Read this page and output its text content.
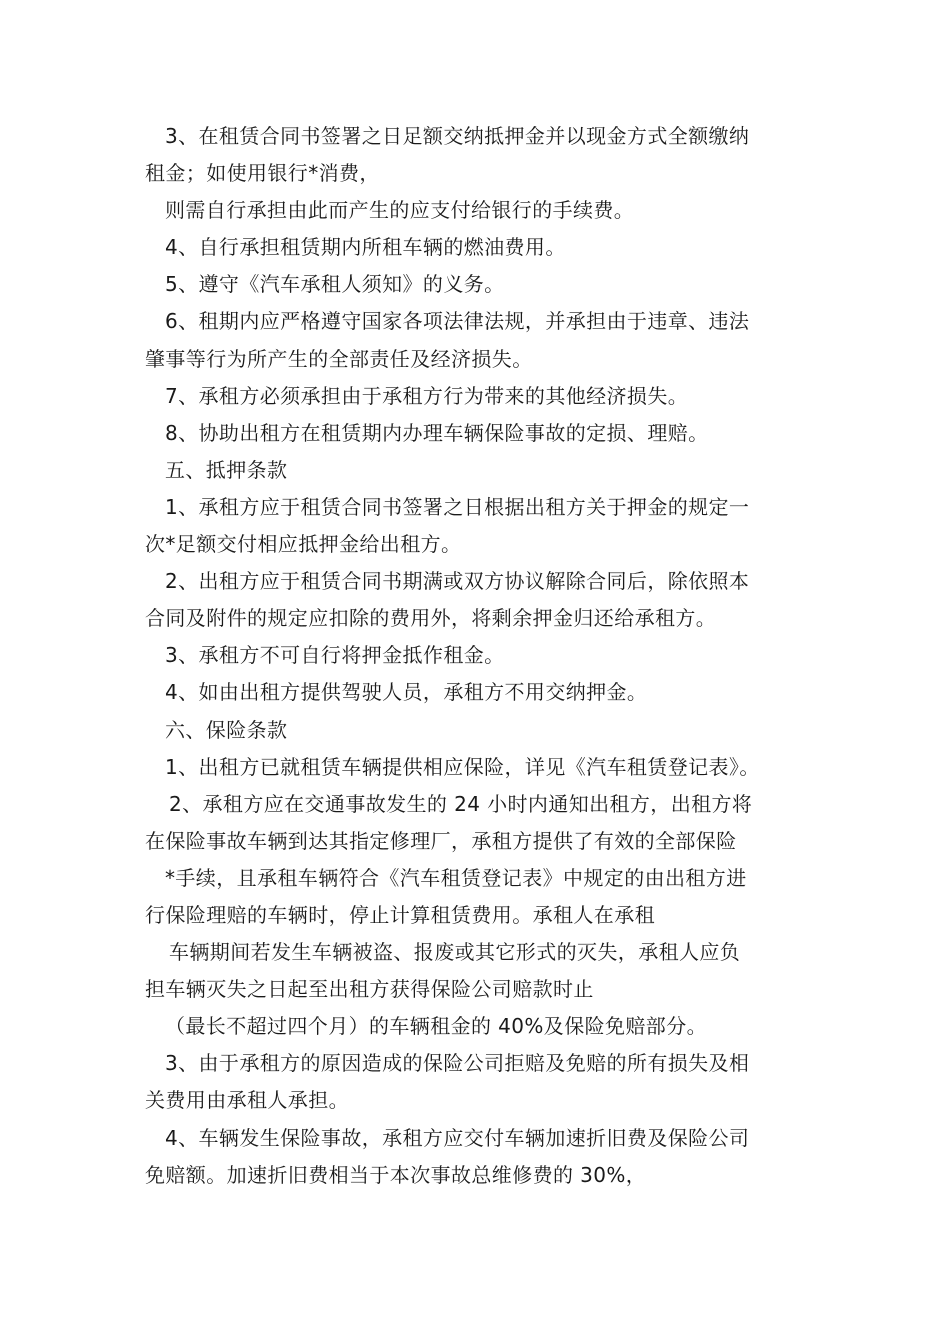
3、在租赁合同书签署之日足额交纳抵押金并以现金方式全额缴纳
租金；如使用银行*消费，
则需自行承担由此而产生的应支付给银行的手续费。
4、自行承担租赁期内所租车辆的燃油费用。
5、遵守《汽车承租人须知》的义务。
6、租期内应严格遵守国家各项法律法规，并承担由于违章、违法
肇事等行为所产生的全部责任及经济损失。
7、承租方必须承担由于承租方行为带来的其他经济损失。
8、协助出租方在租赁期内办理车辆保险事故的定损、理赔。
五、抵押条款
1、承租方应于租赁合同书签署之日根据出租方关于押金的规定一
次*足额交付相应抵押金给出租方。
2、出租方应于租赁合同书期满或双方协议解除合同后，除依照本
合同及附件的规定应扣除的费用外，将剩余押金归还给承租方。
3、承租方不可自行将押金抵作租金。
4、如由出租方提供驾驶人员，承租方不用交纳押金。
六、保险条款
1、出租方已就租赁车辆提供相应保险，详见《汽车租赁登记表》。
2、承租方应在交通事故发生的 24 小时内通知出租方，出租方将
在保险事故车辆到达其指定修理厂，承租方提供了有效的全部保险
*手续，且承租车辆符合《汽车租赁登记表》中规定的由出租方进
行保险理赔的车辆时，停止计算租赁费用。承租人在承租
车辆期间若发生车辆被盗、报废或其它形式的灭失，承租人应负
担车辆灭失之日起至出租方获得保险公司赔款时止
（最长不超过四个月）的车辆租金的 40%及保险免赔部分。
3、由于承租方的原因造成的保险公司拒赔及免赔的所有损失及相
关费用由承租人承担。
4、车辆发生保险事故，承租方应交付车辆加速折旧费及保险公司
免赔额。加速折旧费相当于本次事故总维修费的 30%，
